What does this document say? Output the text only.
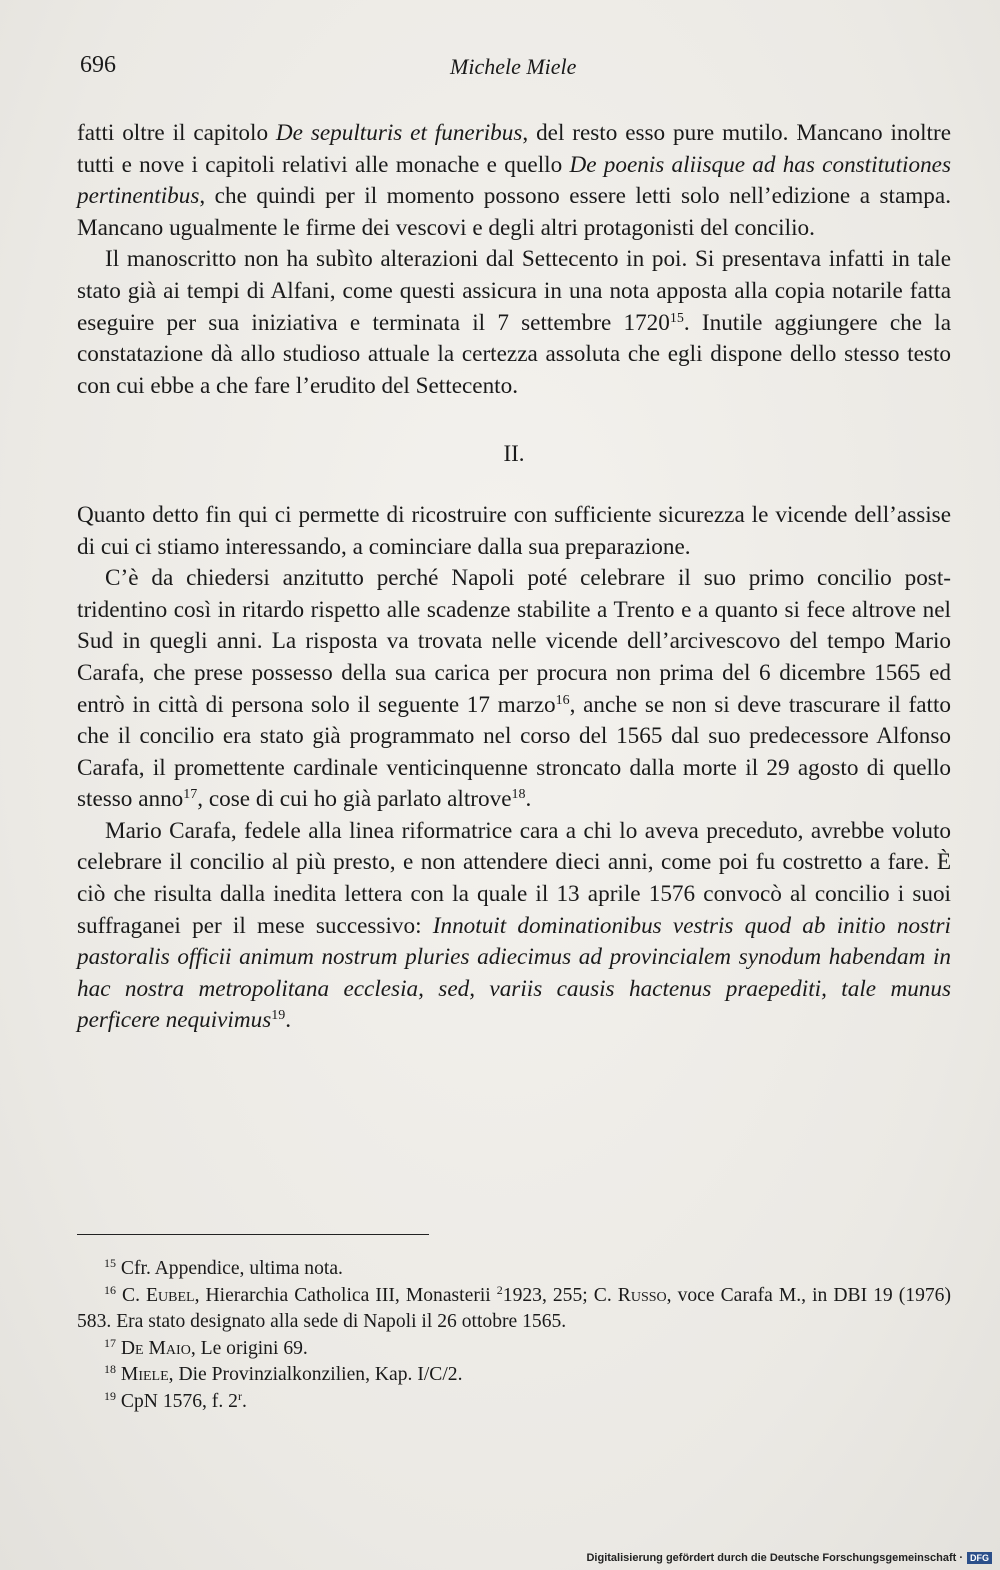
696	Michele Miele

fatti oltre il capitolo De sepulturis et funeribus, del resto esso pure mutilo. Mancano inoltre tutti e nove i capitoli relativi alle monache e quello De poenis aliisque ad has constitutiones pertinentibus, che quindi per il momento possono essere letti solo nell’edizione a stampa. Mancano ugualmente le firme dei vescovi e degli altri protagonisti del concilio.

Il manoscritto non ha subìto alterazioni dal Settecento in poi. Si presentava infatti in tale stato già ai tempi di Alfani, come questi assicura in una nota apposta alla copia notarile fatta eseguire per sua iniziativa e terminata il 7 settembre 1720$^{15}$. Inutile aggiungere che la constatazione dà allo studioso attuale la certezza assoluta che egli dispone dello stesso testo con cui ebbe a che fare l’erudito del Settecento.

II.

Quanto detto fin qui ci permette di ricostruire con sufficiente sicurezza le vicende dell’assise di cui ci stiamo interessando, a cominciare dalla sua preparazione.

C’è da chiedersi anzitutto perché Napoli poté celebrare il suo primo concilio post-tridentino così in ritardo rispetto alle scadenze stabilite a Trento e a quanto si fece altrove nel Sud in quegli anni. La risposta va trovata nelle vicende dell’arcivescovo del tempo Mario Carafa, che prese possesso della sua carica per procura non prima del 6 dicembre 1565 ed entrò in città di persona solo il seguente 17 marzo$^{16}$, anche se non si deve trascurare il fatto che il concilio era stato già programmato nel corso del 1565 dal suo predecessore Alfonso Carafa, il promettente cardinale venticinquenne stroncato dalla morte il 29 agosto di quello stesso anno$^{17}$, cose di cui ho già parlato altrove$^{18}$.

Mario Carafa, fedele alla linea riformatrice cara a chi lo aveva preceduto, avrebbe voluto celebrare il concilio al più presto, e non attendere dieci anni, come poi fu costretto a fare. È ciò che risulta dalla inedita lettera con la quale il 13 aprile 1576 convocò al concilio i suoi suffraganei per il mese successivo: Innotuit dominationibus vestris quod ab initio nostri pastoralis officii animum nostrum pluries adiecimus ad provincialem synodum habendam in hac nostra metropolitana ecclesia, sed, variis causis hactenus praepediti, tale munus perficere nequivimus$^{19}$.

$^{15}$ Cfr. Appendice, ultima nota.

$^{16}$ C. Eubel, Hierarchia Catholica III, Monasterii $^2$1923, 255; C. Russo, voce Carafa M., in DBI 19 (1976) 583. Era stato designato alla sede di Napoli il 26 ottobre 1565.

$^{17}$ De Maio, Le origini 69.

$^{18}$ Miele, Die Provinzialkonzilien, Kap. I/C/2.

$^{19}$ CpN 1576, f. 2$^r$.

Digitalisierung gefördert durch die Deutsche Forschungsgemeinschaft · DFG
